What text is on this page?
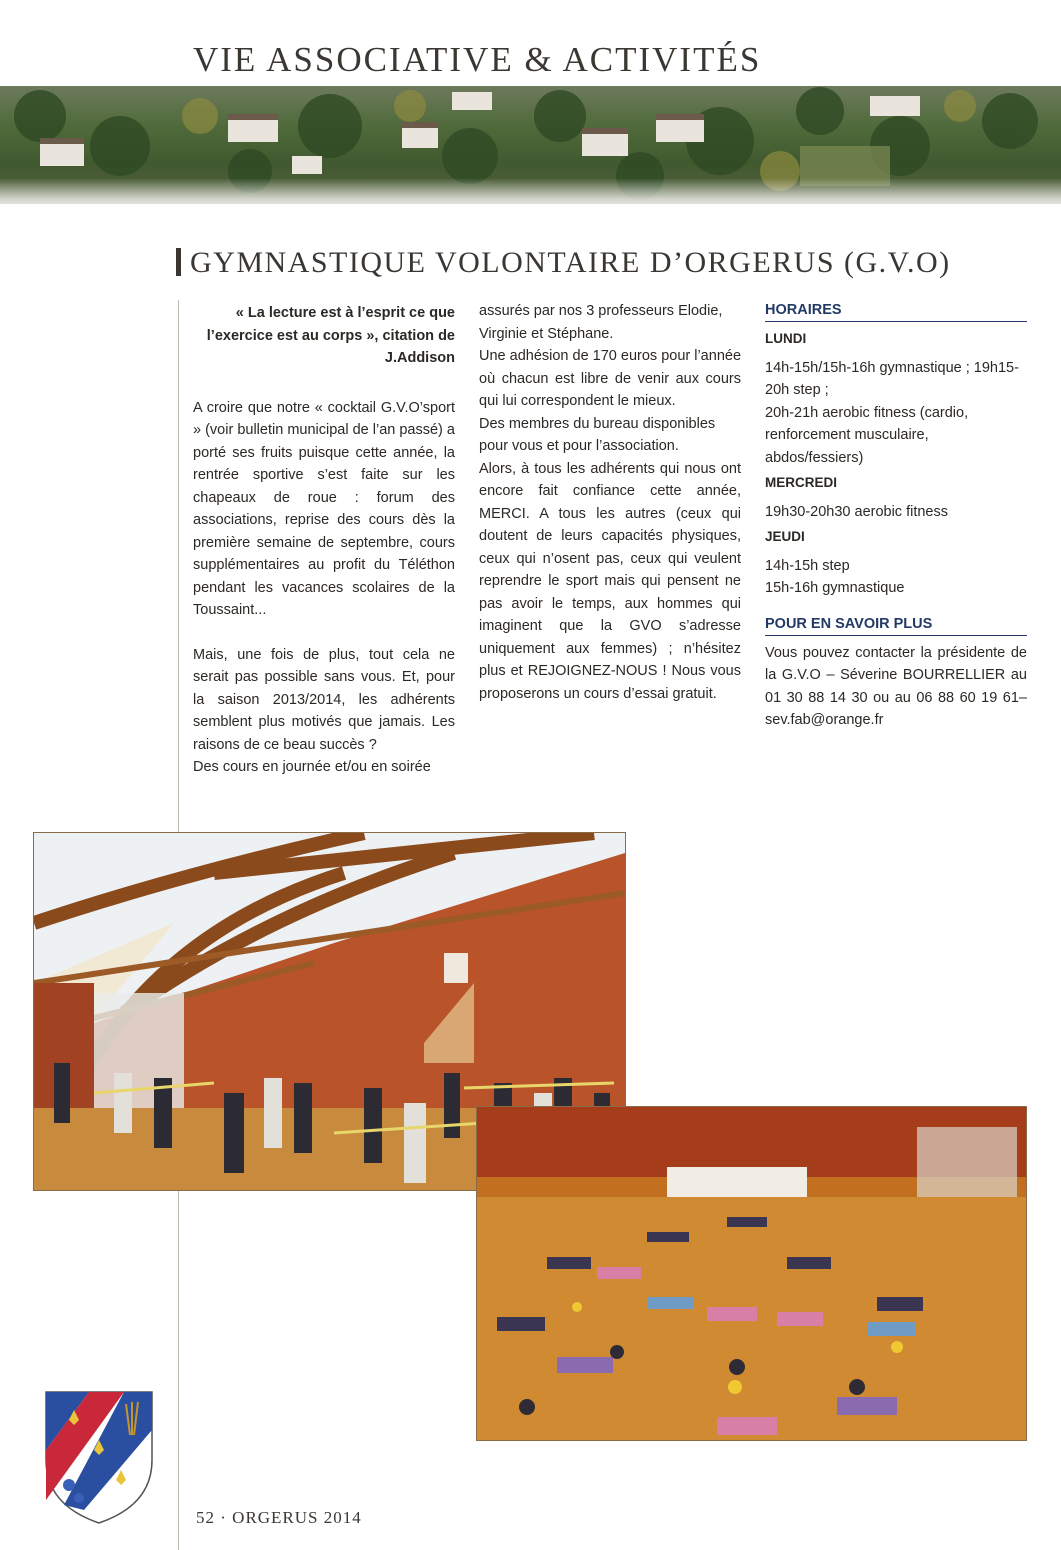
VIE ASSOCIATIVE & ACTIVITÉS
GYMNASTIQUE VOLONTAIRE D’ORGERUS (G.V.O)

« La lecture est à l’esprit ce que l’exercice est au corps », citation de J.Addison

A croire que notre « cocktail G.V.O’sport » (voir bulletin municipal de l’an passé) a porté ses fruits puisque cette année, la rentrée sportive s’est faite sur les chapeaux de roue : forum des associations, reprise des cours dès la première semaine de septembre, cours supplémentaires au profit du Téléthon pendant les vacances scolaires de la Toussaint...

Mais, une fois de plus, tout cela ne serait pas possible sans vous. Et, pour la saison 2013/2014, les adhérents semblent plus motivés que jamais. Les raisons de ce beau succès ?

Des cours en journée et/ou en soirée

assurés par nos 3 professeurs Elodie, Virginie et Stéphane.

Une adhésion de 170 euros pour l’année où chacun est libre de venir aux cours qui lui correspondent le mieux.

Des membres du bureau disponibles pour vous et pour l’association.

Alors, à tous les adhérents qui nous ont encore fait confiance cette année, MERCI. A tous les autres (ceux qui doutent de leurs capacités physiques, ceux qui n’osent pas, ceux qui veulent reprendre le sport mais qui pensent ne pas avoir le temps, aux hommes qui imaginent que la GVO s’adresse uniquement aux femmes) ; n’hésitez plus et REJOIGNEZ-NOUS ! Nous vous proposerons un cours d’essai gratuit.

HORAIRES
LUNDI

14h-15h/15h-16h gymnastique ; 19h15-20h step ;

20h-21h aerobic fitness (cardio, renforcement musculaire, abdos/fessiers)

MERCREDI

19h30-20h30 aerobic fitness

JEUDI

14h-15h step

15h-16h gymnastique

POUR EN SAVOIR PLUS

Vous pouvez contacter la présidente de la G.V.O – Séverine BOURRELLIER au 01 30 88 14 30 ou au 06 88 60 19 61– sev.fab@orange.fr

52 · ORGERUS 2014
